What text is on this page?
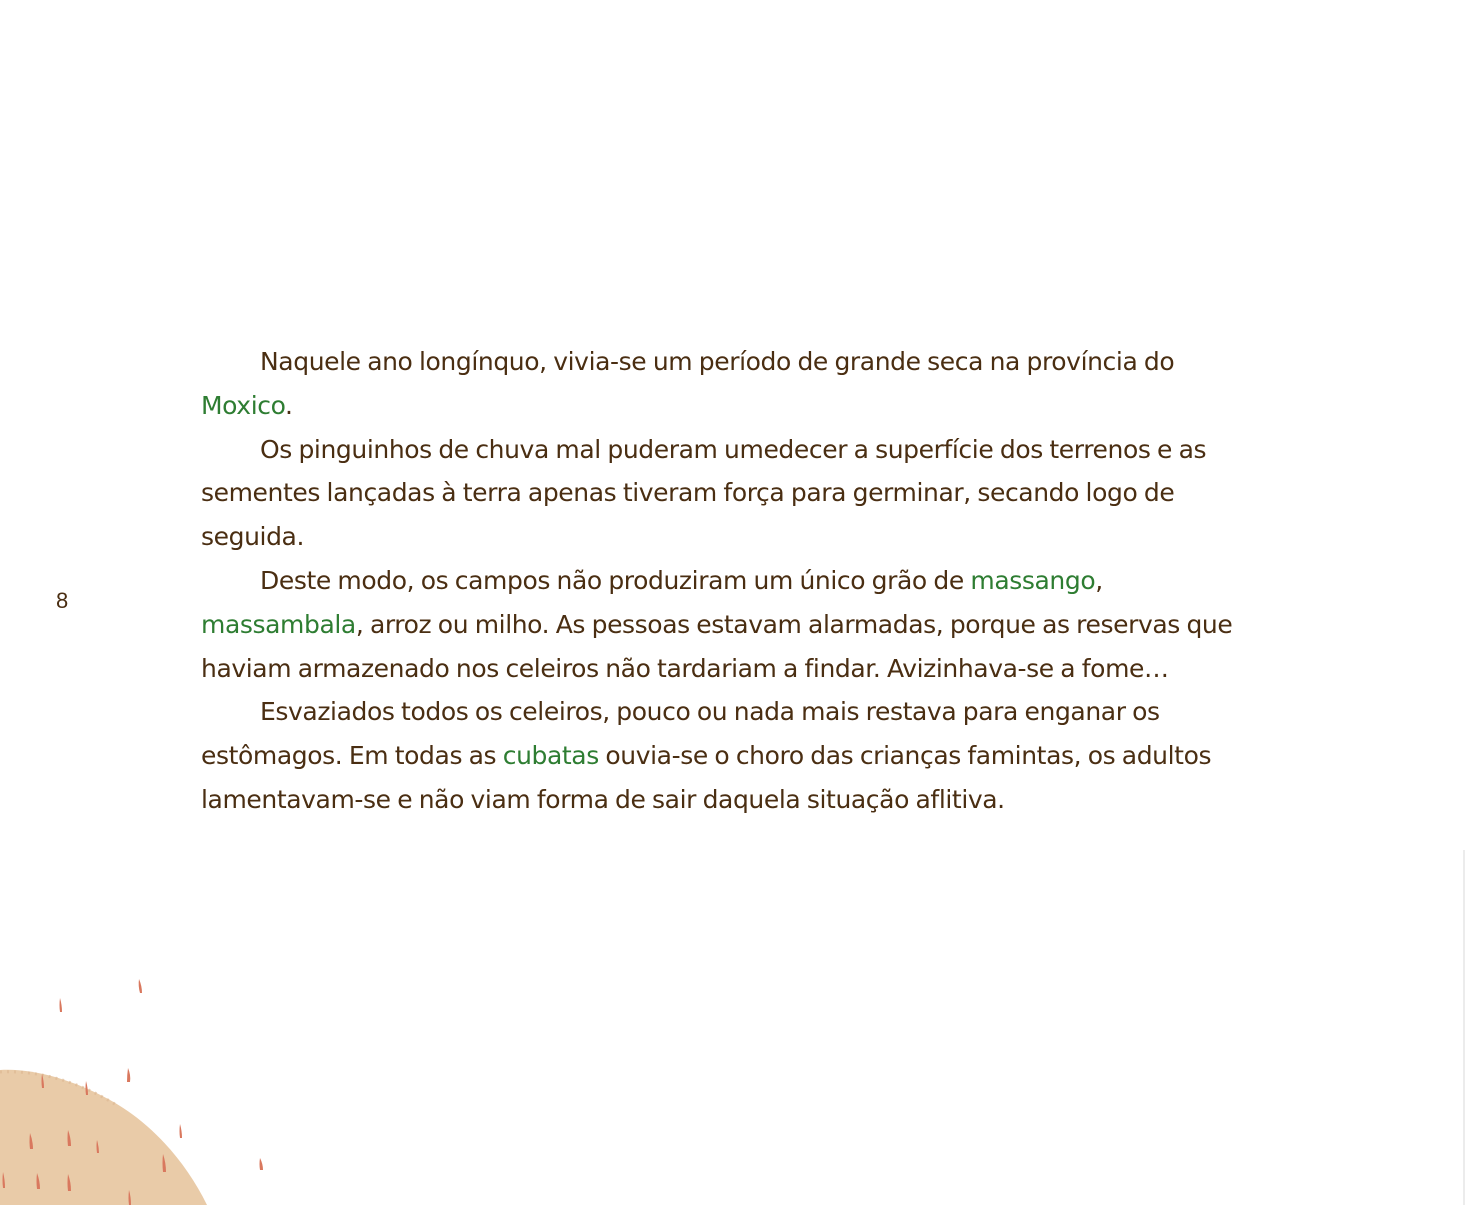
8

Naquele ano longínquo, vivia-se um período de grande seca na província do Moxico.

Os pinguinhos de chuva mal puderam umedecer a superfície dos terrenos e as sementes lançadas à terra apenas tiveram força para germinar, secando logo de seguida.

Deste modo, os campos não produziram um único grão de massango, massambala, arroz ou milho. As pessoas estavam alarmadas, porque as reservas que haviam armazenado nos celeiros não tardariam a findar. Avizinhava-se a fome…

Esvaziados todos os celeiros, pouco ou nada mais restava para enganar os estômagos. Em todas as cubatas ouvia-se o choro das crianças famintas, os adultos lamentavam-se e não viam forma de sair daquela situação aflitiva.
